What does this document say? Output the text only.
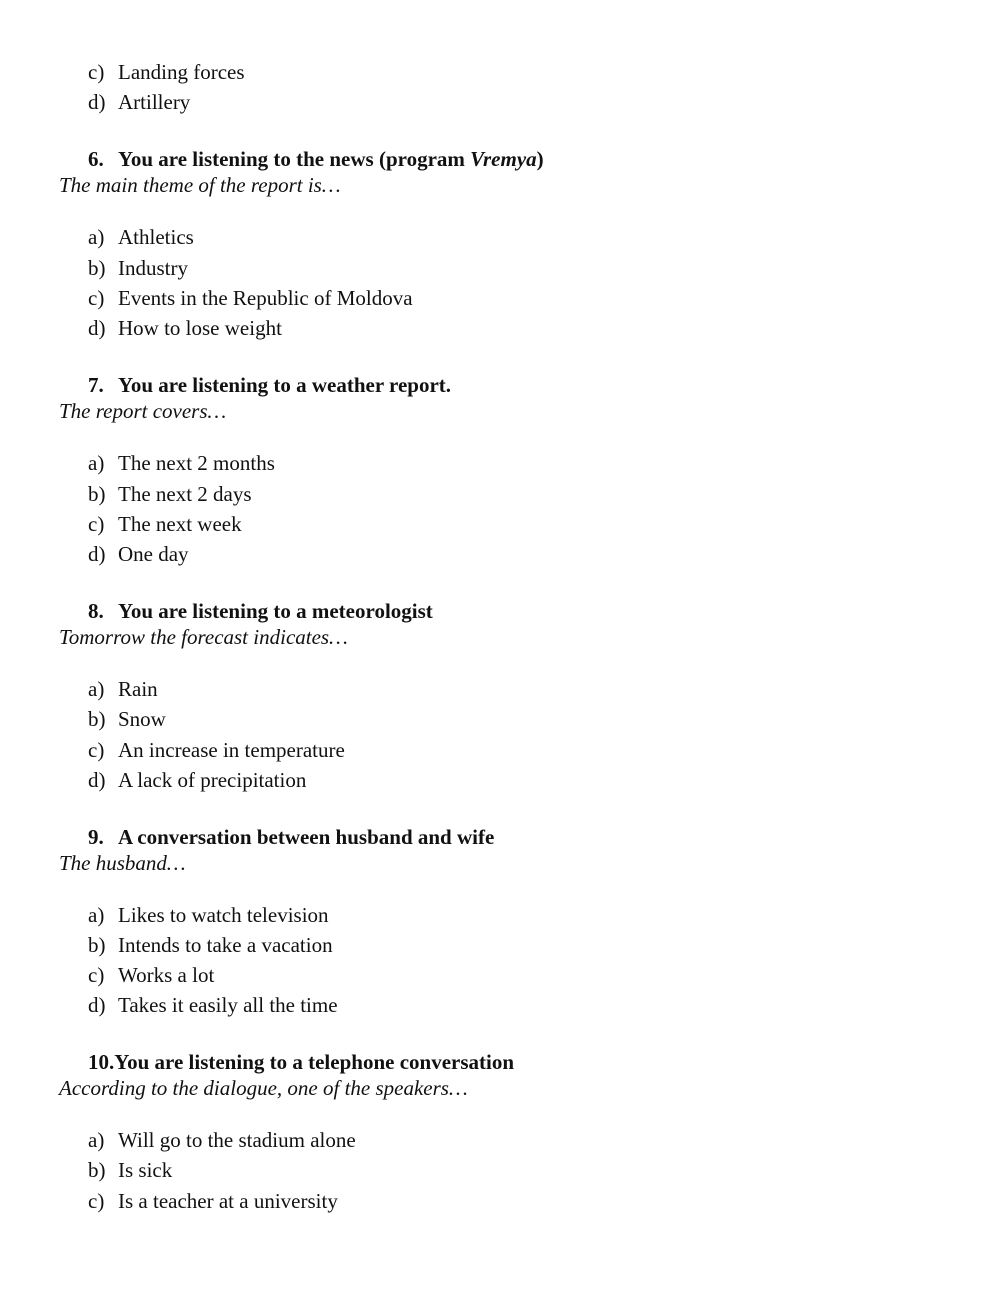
c) Landing forces
d) Artillery
6. You are listening to the news (program Vremya)
The main theme of the report is…
a) Athletics
b) Industry
c) Events in the Republic of Moldova
d) How to lose weight
7. You are listening to a weather report.
The report covers…
a) The next 2 months
b) The next 2 days
c) The next week
d) One day
8. You are listening to a meteorologist
Tomorrow the forecast indicates…
a) Rain
b) Snow
c) An increase in temperature
d) A lack of precipitation
9. A conversation between husband and wife
The husband…
a) Likes to watch television
b) Intends to take a vacation
c) Works a lot
d) Takes it easily all the time
10.You are listening to a telephone conversation
According to the dialogue, one of the speakers…
a) Will go to the stadium alone
b) Is sick
c) Is a teacher at a university
